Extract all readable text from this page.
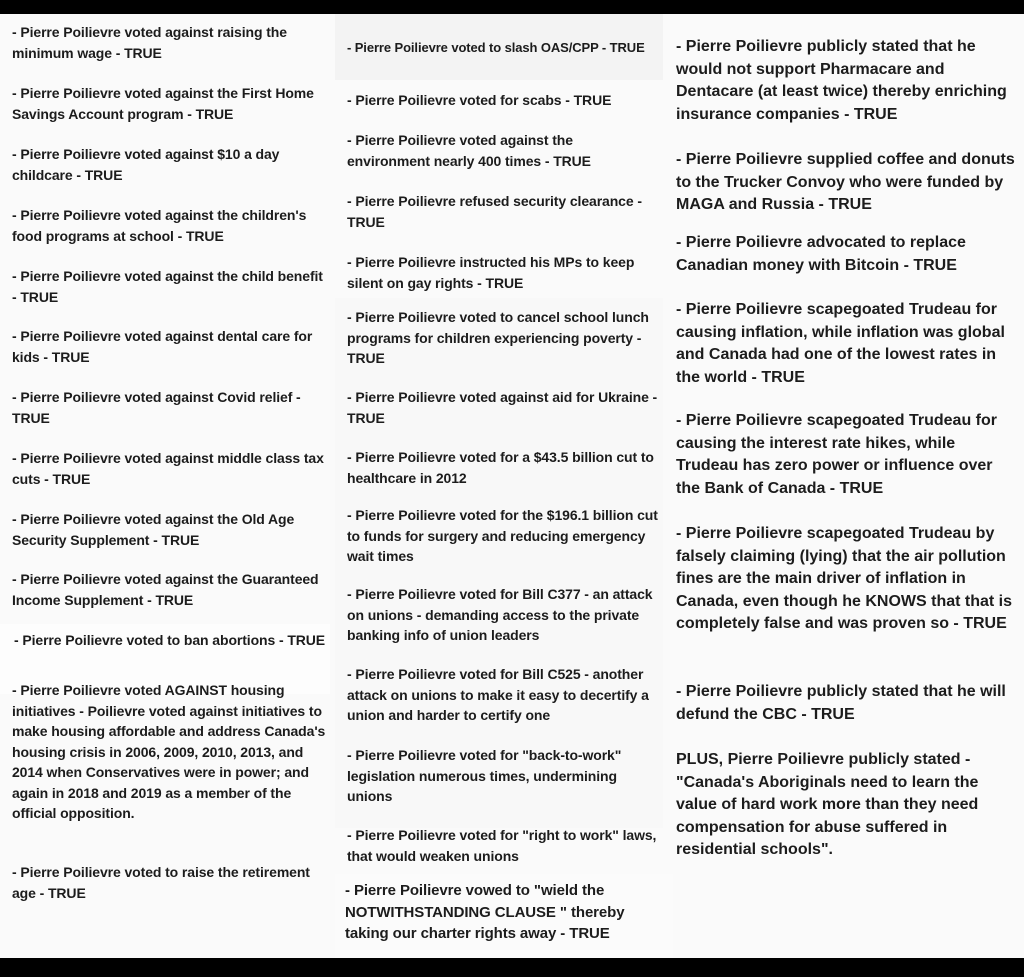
- Pierre Poilievre voted against raising the minimum wage - TRUE
- Pierre Poilievre voted against the First Home Savings Account program - TRUE
- Pierre Poilievre voted against $10 a day childcare - TRUE
- Pierre Poilievre voted against the children's food programs at school - TRUE
- Pierre Poilievre voted against the child benefit - TRUE
- Pierre Poilievre voted against dental care for kids - TRUE
- Pierre Poilievre voted against Covid relief - TRUE
- Pierre Poilievre voted against middle class tax cuts - TRUE
- Pierre Poilievre voted against the Old Age Security Supplement - TRUE
- Pierre Poilievre voted against the Guaranteed Income Supplement - TRUE
- Pierre Poilievre voted to ban abortions - TRUE
- Pierre Poilievre voted AGAINST housing initiatives - Poilievre voted against initiatives to make housing affordable and address Canada's housing crisis in 2006, 2009, 2010, 2013, and 2014 when Conservatives were in power; and again in 2018 and 2019 as a member of the official opposition.
- Pierre Poilievre voted to raise the retirement age - TRUE
- Pierre Poilievre voted to slash OAS/CPP - TRUE
- Pierre Poilievre voted for scabs - TRUE
- Pierre Poilievre voted against the environment nearly 400 times - TRUE
- Pierre Poilievre refused security clearance - TRUE
- Pierre Poilievre instructed his MPs to keep silent on gay rights - TRUE
- Pierre Poilievre voted to cancel school lunch programs for children experiencing poverty - TRUE
- Pierre Poilievre voted against aid for Ukraine - TRUE
- Pierre Poilievre voted for a $43.5 billion cut to healthcare in 2012
- Pierre Poilievre voted for the $196.1 billion cut to funds for surgery and reducing emergency wait times
- Pierre Poilievre voted for Bill C377 - an attack on unions - demanding access to the private banking info of union leaders
- Pierre Poilievre voted for Bill C525 - another attack on unions to make it easy to decertify a union and harder to certify one
- Pierre Poilievre voted for "back-to-work" legislation numerous times, undermining unions
- Pierre Poilievre voted for "right to work" laws, that would weaken unions
- Pierre Poilievre vowed to "wield the NOTWITHSTANDING CLAUSE " thereby taking our charter rights away - TRUE
- Pierre Poilievre publicly stated that he would not support Pharmacare and Dentacare (at least twice) thereby enriching insurance companies - TRUE
- Pierre Poilievre supplied coffee and donuts to the Trucker Convoy who were funded by MAGA and Russia - TRUE
- Pierre Poilievre advocated to replace Canadian money with Bitcoin - TRUE
- Pierre Poilievre scapegoated Trudeau for causing inflation, while inflation was global and Canada had one of the lowest rates in the world - TRUE
- Pierre Poilievre scapegoated Trudeau for causing the interest rate hikes, while Trudeau has zero power or influence over the Bank of Canada - TRUE
- Pierre Poilievre scapegoated Trudeau by falsely claiming (lying) that the air pollution fines are the main driver of inflation in Canada, even though he KNOWS that that is completely false and was proven so - TRUE
- Pierre Poilievre publicly stated that he will defund the CBC - TRUE
PLUS, Pierre Poilievre publicly stated - "Canada's Aboriginals need to learn the value of hard work more than they need compensation for abuse suffered in residential schools".
